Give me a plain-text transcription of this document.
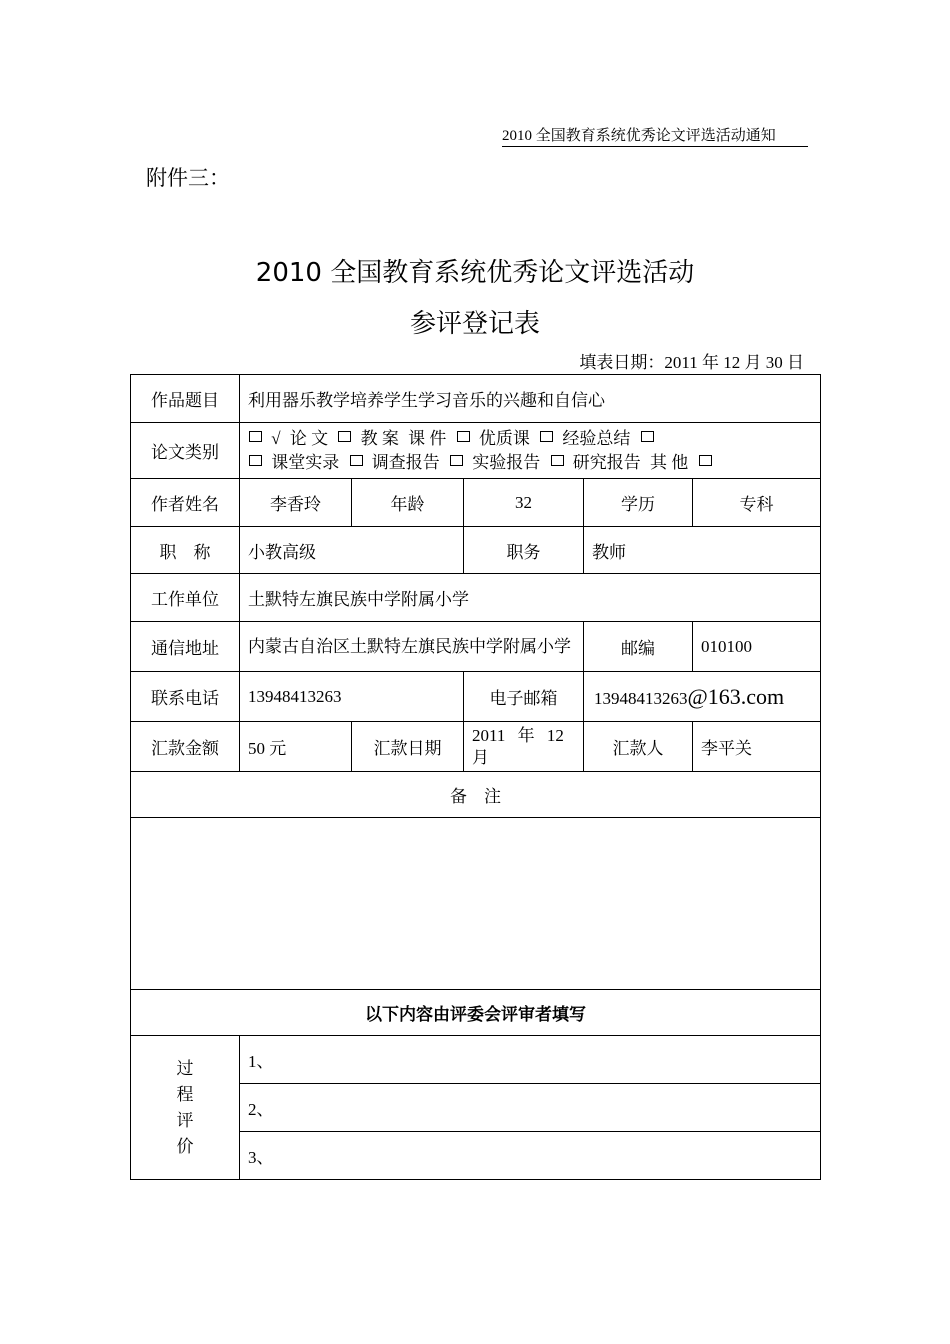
2010 全国教育系统优秀论文评选活动通知
附件三：
2010 全国教育系统优秀论文评选活动
参评登记表
填表日期：2011 年 12 月 30 日
作品题目	利用器乐教学培养学生学习音乐的兴趣和自信心				
论文类别	√ 论 文 教 案 课 件 优质课 经验总结
课堂实录 调查报告 实验报告 研究报告 其 他				

作者姓名	李香玲	年龄	32	学历	专科
职　称	小教高级		职务	教师	
工作单位	土默特左旗民族中学附属小学				
通信地址	内蒙古自治区土默特左旗民族中学附属小学			邮编	010100
联系电话	13948413263		电子邮箱	13948413263@163.com	
汇款金额	50 元	汇款日期	2011 年 12 月	汇款人	李平关
备　注					

以下内容由评委会评审者填写					

过
程
评
价	1、				
	2、				
	3、				
